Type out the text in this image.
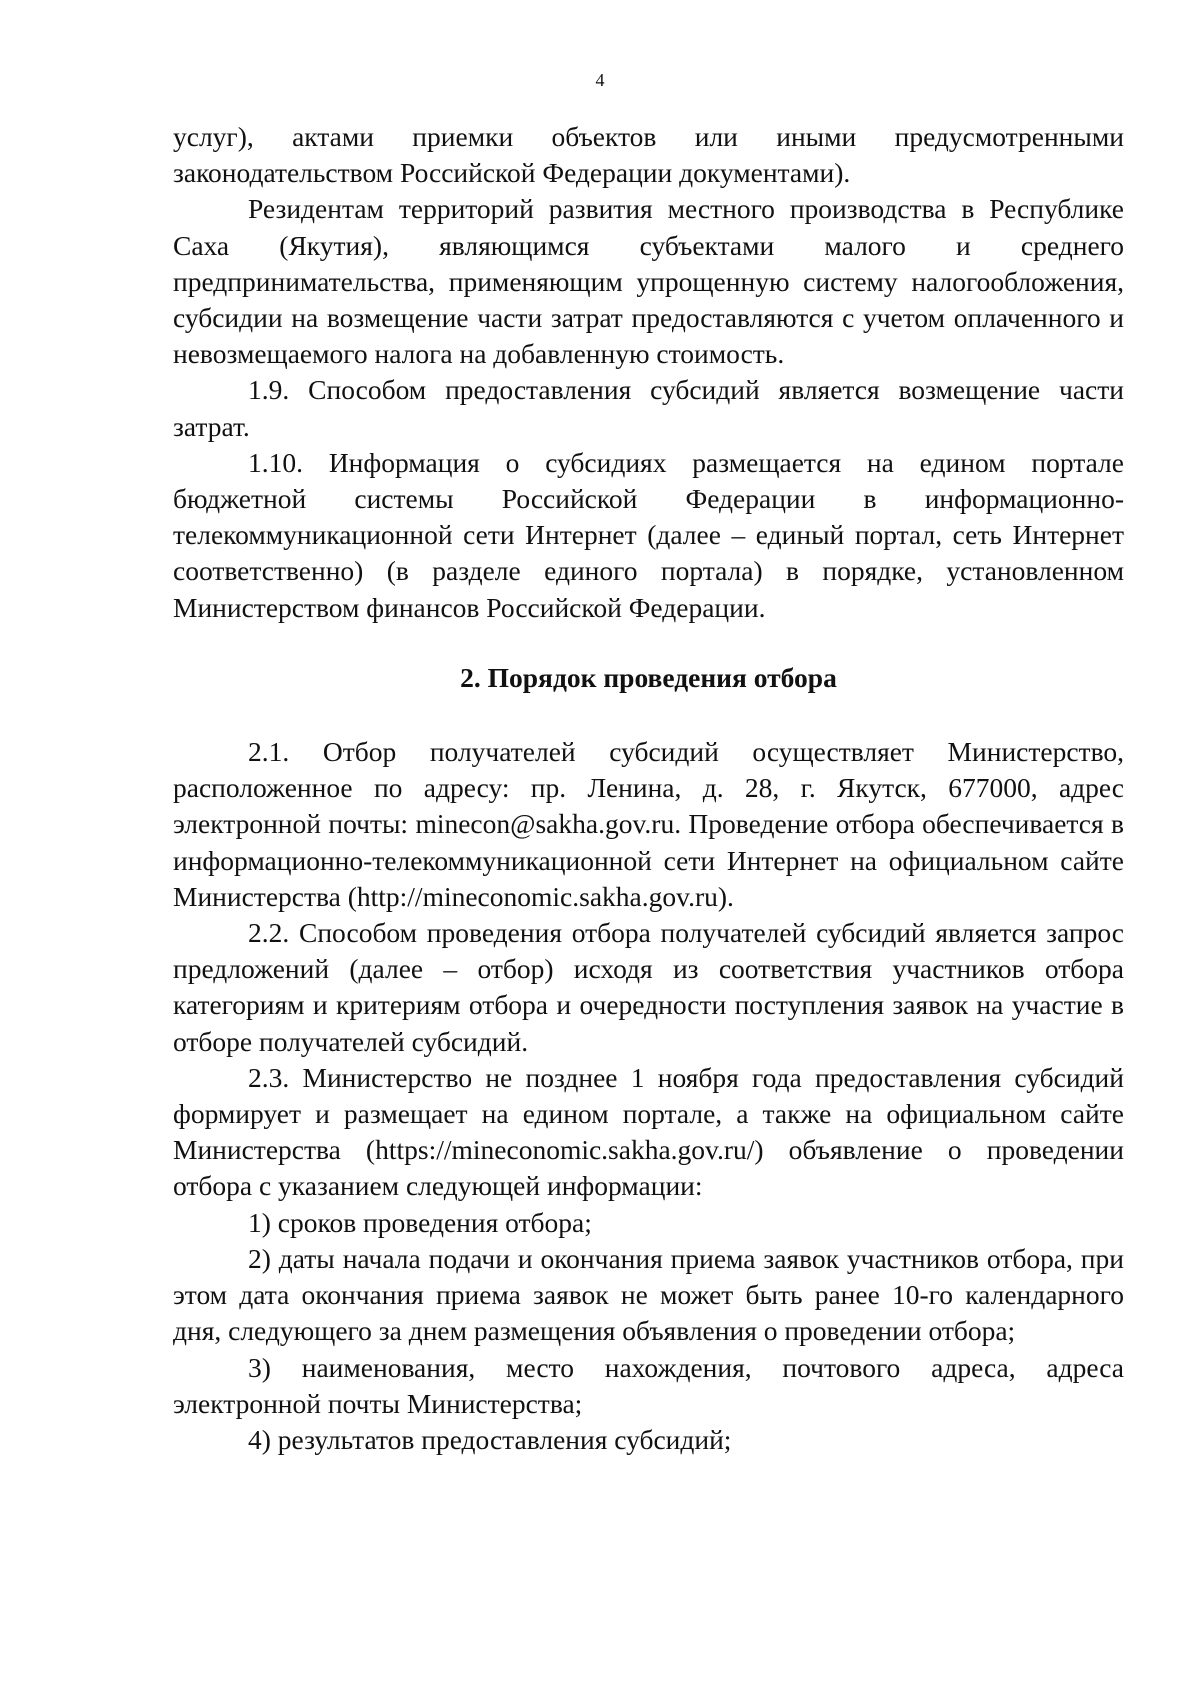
4

услуг), актами приемки объектов или иными предусмотренными законодательством Российской Федерации документами).

Резидентам территорий развития местного производства в Республике Саха (Якутия), являющимся субъектами малого и среднего предпринимательства, применяющим упрощенную систему налогообложения, субсидии на возмещение части затрат предоставляются с учетом оплаченного и невозмещаемого налога на добавленную стоимость.

1.9. Способом предоставления субсидий является возмещение части затрат.

1.10. Информация о субсидиях размещается на едином портале бюджетной системы Российской Федерации в информационно-телекоммуникационной сети Интернет (далее – единый портал, сеть Интернет соответственно) (в разделе единого портала) в порядке, установленном Министерством финансов Российской Федерации.

2. Порядок проведения отбора

2.1. Отбор получателей субсидий осуществляет Министерство, расположенное по адресу: пр. Ленина, д. 28, г. Якутск, 677000, адрес электронной почты: minecon@sakha.gov.ru. Проведение отбора обеспечивается в информационно-телекоммуникационной сети Интернет на официальном сайте Министерства (http://mineconomic.sakha.gov.ru).

2.2. Способом проведения отбора получателей субсидий является запрос предложений (далее – отбор) исходя из соответствия участников отбора категориям и критериям отбора и очередности поступления заявок на участие в отборе получателей субсидий.

2.3. Министерство не позднее 1 ноября года предоставления субсидий формирует и размещает на едином портале, а также на официальном сайте Министерства (https://mineconomic.sakha.gov.ru/) объявление о проведении отбора с указанием следующей информации:

1) сроков проведения отбора;

2) даты начала подачи и окончания приема заявок участников отбора, при этом дата окончания приема заявок не может быть ранее 10-го календарного дня, следующего за днем размещения объявления о проведении отбора;

3) наименования, место нахождения, почтового адреса, адреса электронной почты Министерства;

4) результатов предоставления субсидий;
